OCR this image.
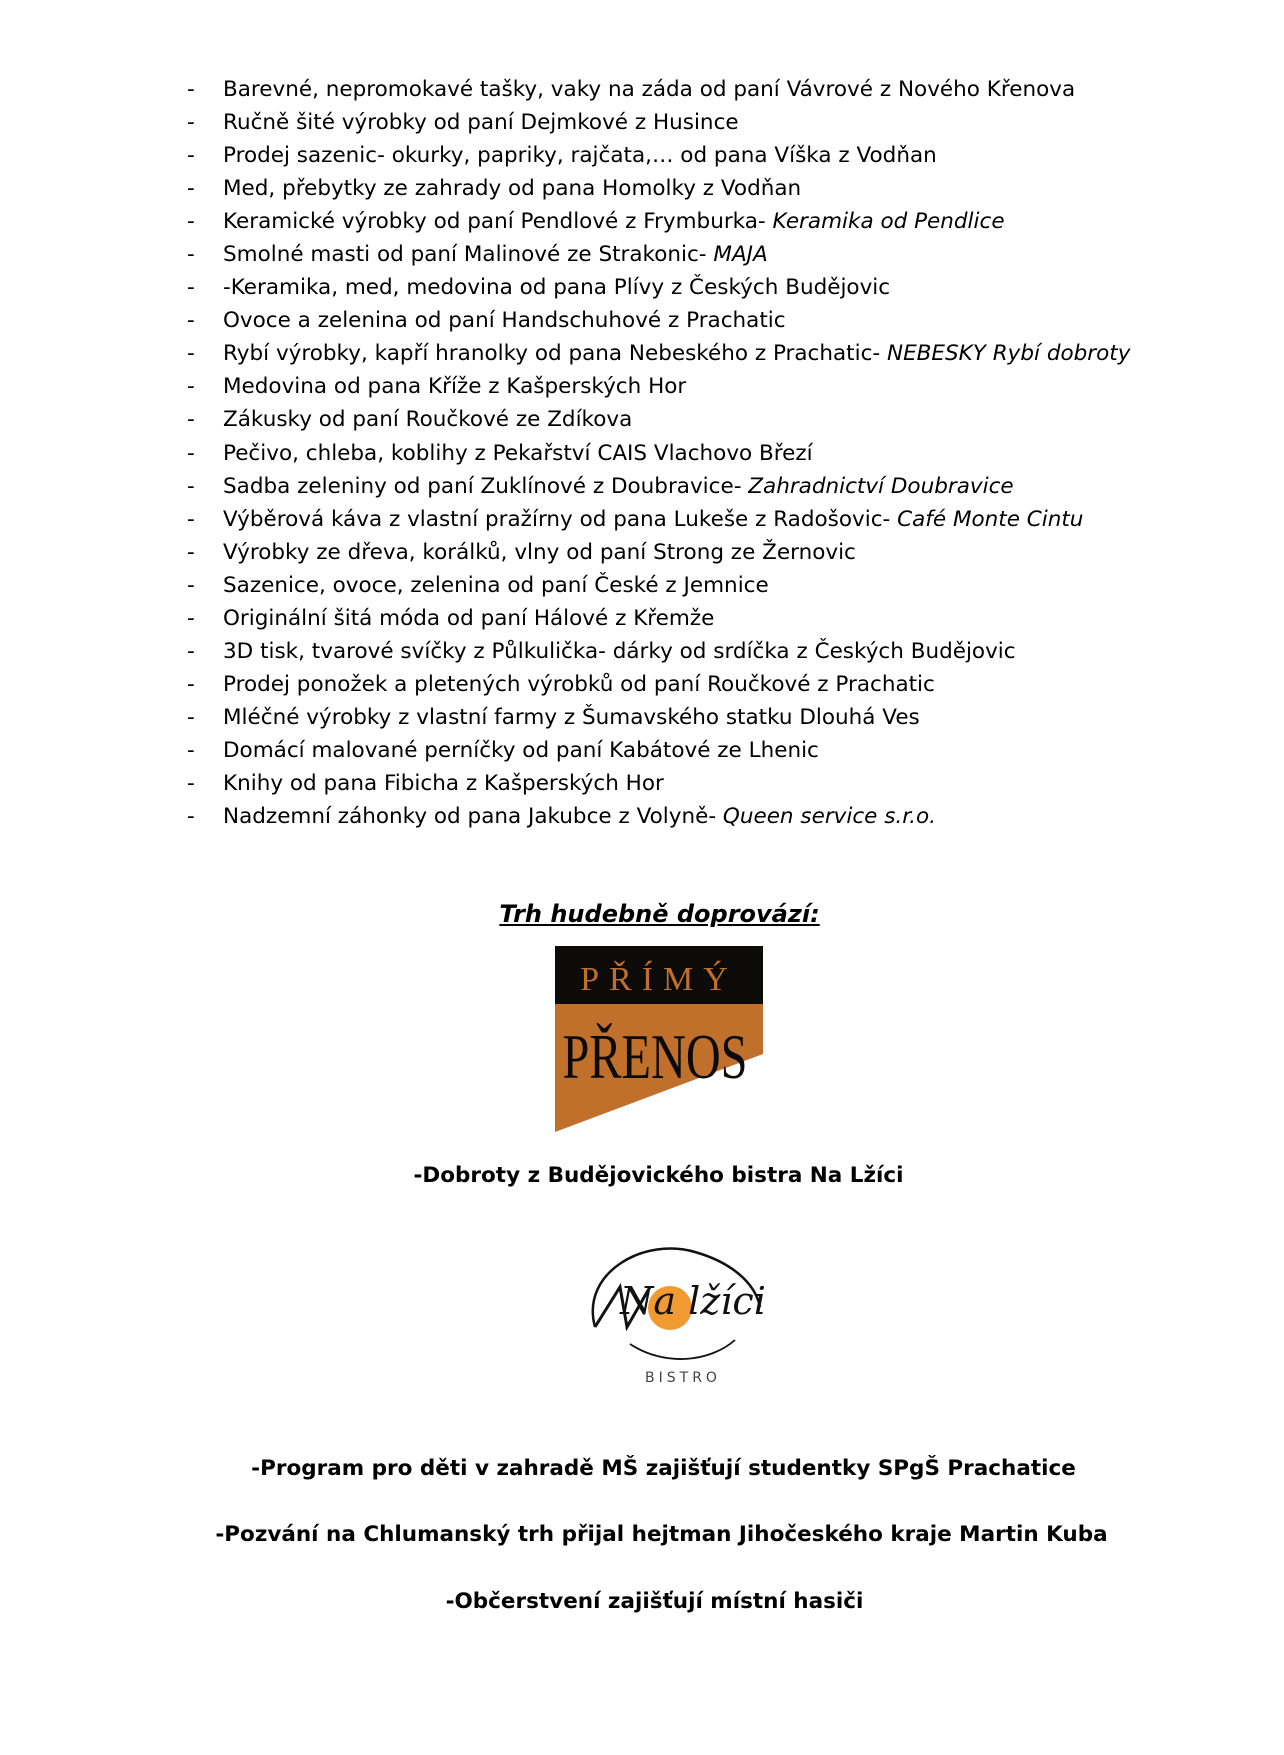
-	Barevné, nepromokavé tašky, vaky na záda od paní Vávrové z Nového Křenova
-	Ručně šité výrobky od paní Dejmkové z Husince
-	Prodej sazenic- okurky, papriky, rajčata,… od pana Víška z Vodňan
-	Med, přebytky ze zahrady od pana Homolky z Vodňan
-	Keramické výrobky od paní Pendlové z Frymburka- Keramika od Pendlice
-	Smolné masti od paní Malinové ze Strakonic- MAJA
-	-Keramika, med, medovina od pana Plívy z Českých Budějovic
-	Ovoce a zelenina od paní Handschuhové z Prachatic
-	Rybí výrobky, kapří hranolky od pana Nebeského z Prachatic- NEBESKY Rybí dobroty
-	Medovina od pana Kříže z Kašperských Hor
-	Zákusky od paní Roučkové ze Zdíkova
-	Pečivo, chleba, koblihy z Pekařství CAIS Vlachovo Březí
-	Sadba zeleniny od paní Zuklínové z Doubravice- Zahradnictví Doubravice
-	Výběrová káva z vlastní pražírny od pana Lukeše z Radošovic- Café Monte Cintu
-	Výrobky ze dřeva, korálků, vlny od paní Strong ze Žernovic
-	Sazenice, ovoce, zelenina od paní České z Jemnice
-	Originální šitá móda od paní Hálové z Křemže
-	3D tisk, tvarové svíčky z Půlkulička- dárky od srdíčka z Českých Budějovic
-	Prodej ponožek a pletených výrobků od paní Roučkové z Prachatic
-	Mléčné výrobky z vlastní farmy z Šumavského statku Dlouhá Ves
-	Domácí malované perníčky od paní Kabátové ze Lhenic
-	Knihy od pana Fibicha z Kašperských Hor
-	Nadzemní záhonky od pana Jakubce z Volyně- Queen service s.r.o.
Trh hudebně doprovází:
PŘÍMÝ
PŘENOS
-Dobroty z Budějovického bistra Na Lžíci
Na lžíci
BISTRO
-Program pro děti v zahradě MŠ zajišťují studentky SPgŠ Prachatice
-Pozvání na Chlumanský trh přijal hejtman Jihočeského kraje Martin Kuba
-Občerstvení zajišťují místní hasiči
